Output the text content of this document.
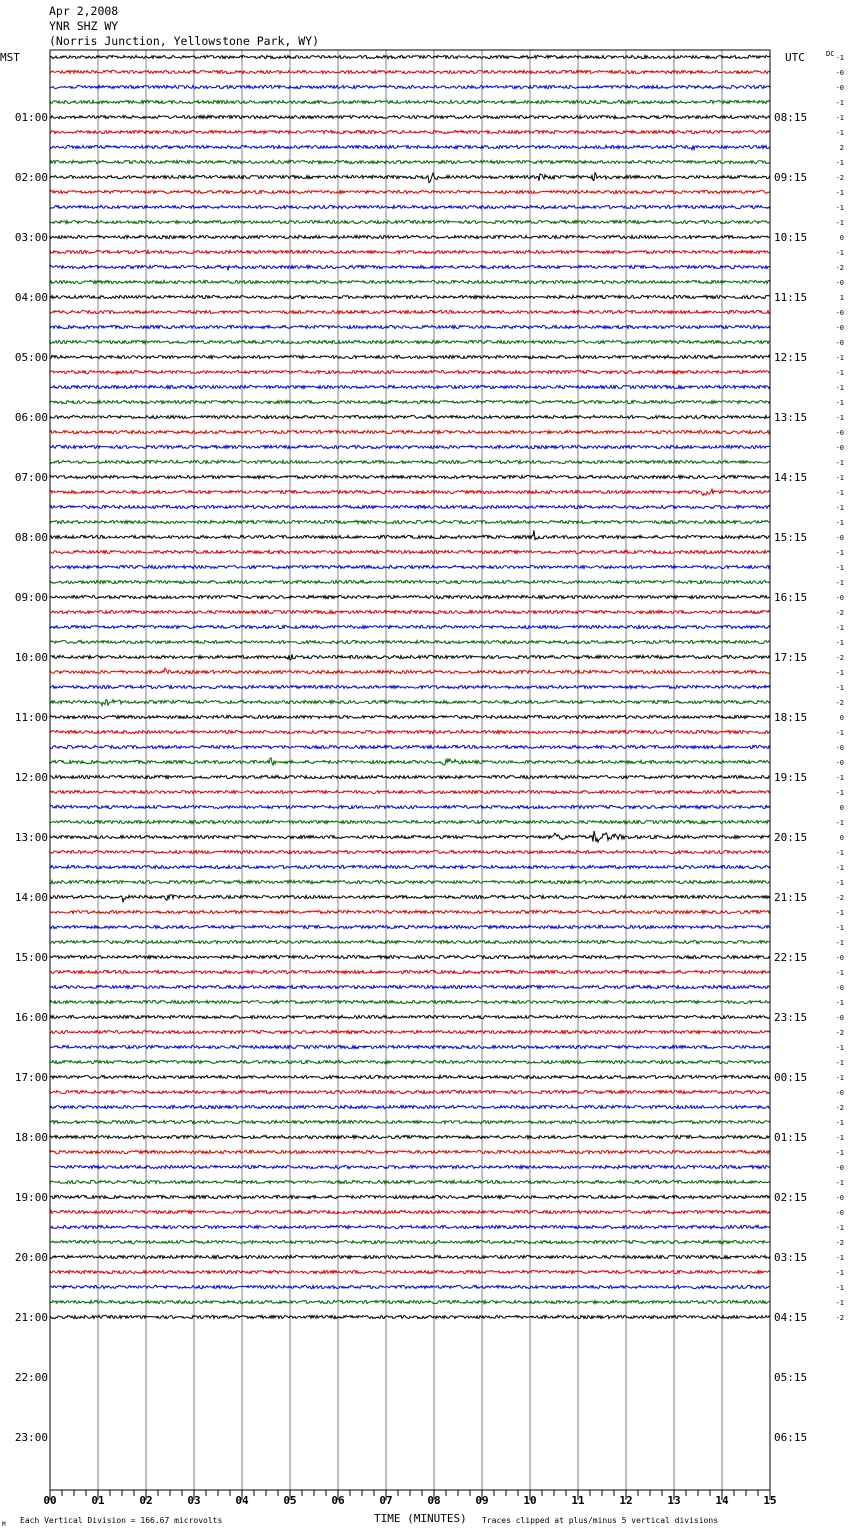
Apr 2,2008
YNR SHZ WY
(Norris Junction, Yellowstone Park, WY)
MST	UTC	DC
TIME (MINUTES)
M Each Vertical Division = 166.67 microvolts	Traces clipped at plus/minus 5 vertical divisions
00	01	02	03	04	05	06	07	08	09	10	11	12	13	14	15
01:00
02:00
03:00
04:00
05:00
06:00
07:00
08:00
09:00
10:00
11:00
12:00
13:00
14:00
15:00
16:00
17:00
18:00
19:00
20:00
21:00
22:00
23:00
08:15
09:15
10:15
11:15
12:15
13:15
14:15
15:15
16:15
17:15
18:15
19:15
20:15
21:15
22:15
23:15
00:15
01:15
02:15
03:15
04:15
05:15
06:15
-1
-0
-0
-1
-1
-1
2
-1
-2
-1
-1
-1
0
-1
-2
-0
1
-0
-0
-0
-1
-1
-1
-1
-1
-0
-0
-1
-1
-1
-1
-1
-0
-1
-1
-1
-0
-2
-1
-1
-2
-1
-1
-2
0
-1
-0
-0
-1
-1
0
-1
0
-1
-1
-1
-2
-1
-1
-1
-0
-1
-0
-1
-0
-2
-1
-1
-1
-0
-2
-1
-1
-1
-0
-1
-0
-0
-1
-2
-1
-1
-1
-1
-2
